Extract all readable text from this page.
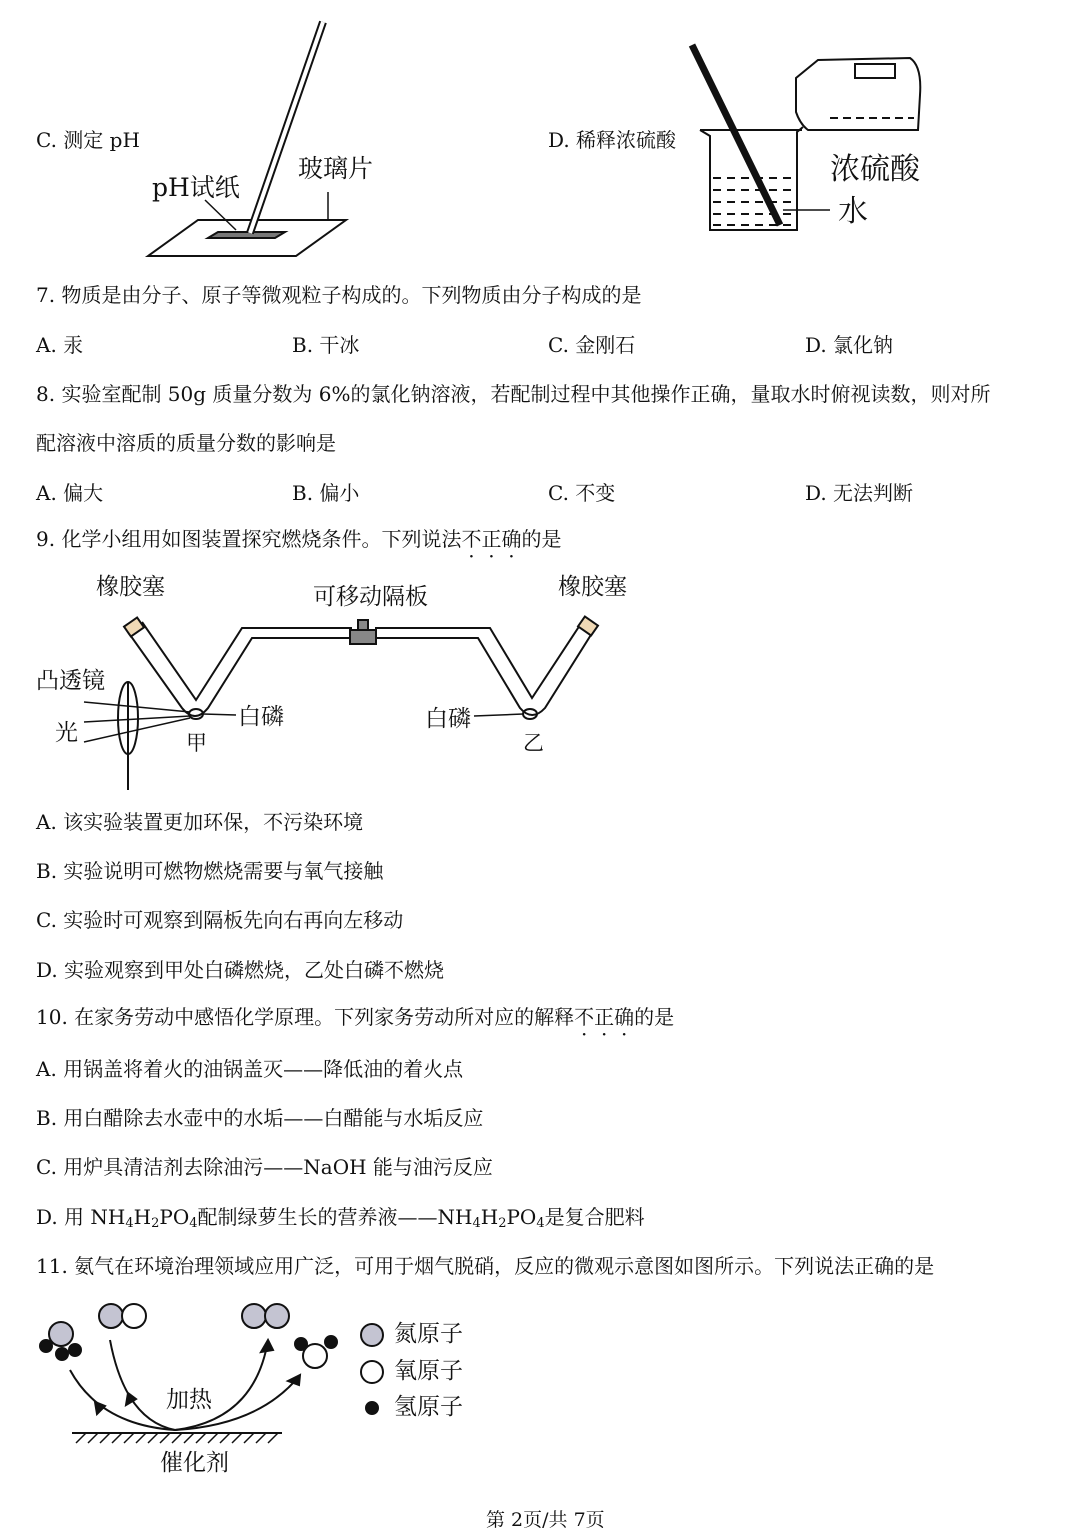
C. 测定 pH
pH试纸
玻璃片
D. 稀释浓硫酸
浓硫酸
水
7. 物质是由分子、原子等微观粒子构成的。下列物质由分子构成的是
A. 汞	B. 干冰	C. 金刚石	D. 氯化钠
8. 实验室配制 50g 质量分数为 6%的氯化钠溶液，若配制过程中其他操作正确，量取水时俯视读数，则对所
配溶液中溶质的质量分数的影响是
A. 偏大	B. 偏小	C. 不变	D. 无法判断
9. 化学小组用如图装置探究燃烧条件。下列说法不正确的是
橡胶塞	可移动隔板	橡胶塞
凸透镜
光
白磷
甲
白磷
乙
A. 该实验装置更加环保，不污染环境
B. 实验说明可燃物燃烧需要与氧气接触
C. 实验时可观察到隔板先向右再向左移动
D. 实验观察到甲处白磷燃烧，乙处白磷不燃烧
10. 在家务劳动中感悟化学原理。下列家务劳动所对应的解释不正确的是
A. 用锅盖将着火的油锅盖灭——降低油的着火点
B. 用白醋除去水壶中的水垢——白醋能与水垢反应
C. 用炉具清洁剂去除油污——NaOH 能与油污反应
D. 用 $NH_4H_2PO_4$配制绿萝生长的营养液$——NH_4H_2PO_4$是复合肥料
11. 氨气在环境治理领域应用广泛，可用于烟气脱硝，反应的微观示意图如图所示。下列说法正确的是
加热
催化剂
氮原子
氧原子
氢原子
第 2页/共 7页
